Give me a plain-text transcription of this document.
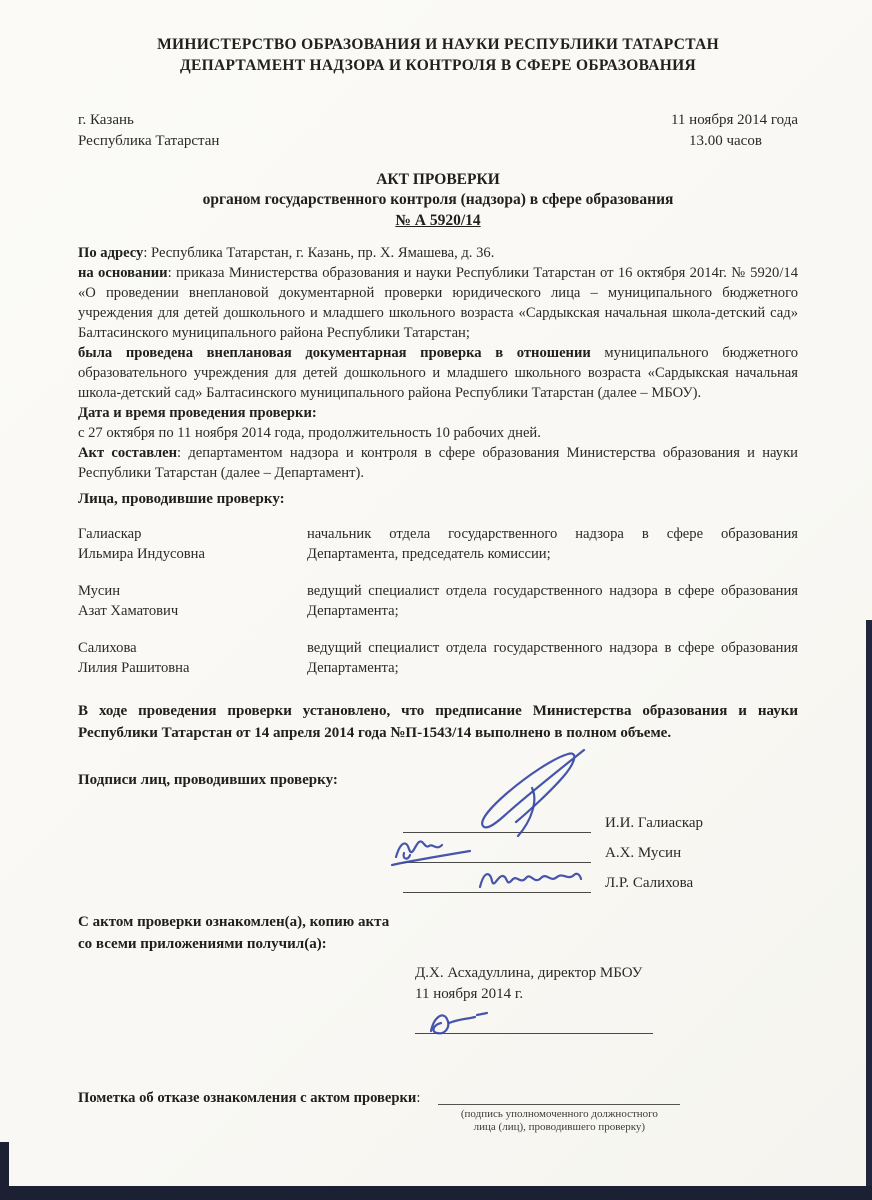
МИНИСТЕРСТВО ОБРАЗОВАНИЯ И НАУКИ РЕСПУБЛИКИ ТАТАРСТАН
ДЕПАРТАМЕНТ НАДЗОРА И КОНТРОЛЯ В СФЕРЕ ОБРАЗОВАНИЯ
г. Казань
Республика Татарстан
11 ноября 2014 года
13.00 часов
АКТ ПРОВЕРКИ
органом государственного контроля (надзора) в сфере образования
№ А 5920/14

По адресу: Республика Татарстан, г. Казань, пр. Х. Ямашева, д. 36.

на основании: приказа Министерства образования и науки Республики Татарстан от 16 октября 2014г. № 5920/14 «О проведении внеплановой документарной проверки юридического лица – муниципального бюджетного учреждения для детей дошкольного и младшего школьного возраста «Сардыкская начальная школа-детский сад» Балтасинского муниципального района Республики Татарстан;

была проведена внеплановая документарная проверка в отношении муниципального бюджетного образовательного учреждения для детей дошкольного и младшего школьного возраста «Сардыкская начальная школа-детский сад» Балтасинского муниципального района Республики Татарстан (далее – МБОУ).

Дата и время проведения проверки:

с 27 октября по 11 ноября 2014 года, продолжительность 10 рабочих дней.

Акт составлен: департаментом надзора и контроля в сфере образования Министерства образования и науки Республики Татарстан (далее – Департамент).

Лица, проводившие проверку:
Галиаскар
Ильмира Индусовна
начальник отдела государственного надзора в сфере образования Департамента, председатель комиссии;
Мусин
Азат Хаматович
ведущий специалист отдела государственного надзора в сфере образования Департамента;
Салихова
Лилия Рашитовна
ведущий специалист отдела государственного надзора в сфере образования Департамента;

В ходе проведения проверки установлено, что предписание Министерства образования и науки Республики Татарстан от 14 апреля 2014 года №П-1543/14 выполнено в полном объеме.

Подписи лиц, проводивших проверку:
И.И. Галиаскар
А.Х. Мусин
Л.Р. Салихова
С актом проверки ознакомлен(а), копию акта
со всеми приложениями получил(а):
Д.Х. Асхадуллина, директор МБОУ
11 ноября 2014 г.
Пометка об отказе ознакомления с актом проверки:
(подпись уполномоченного должностного
лица (лиц), проводившего проверку)
